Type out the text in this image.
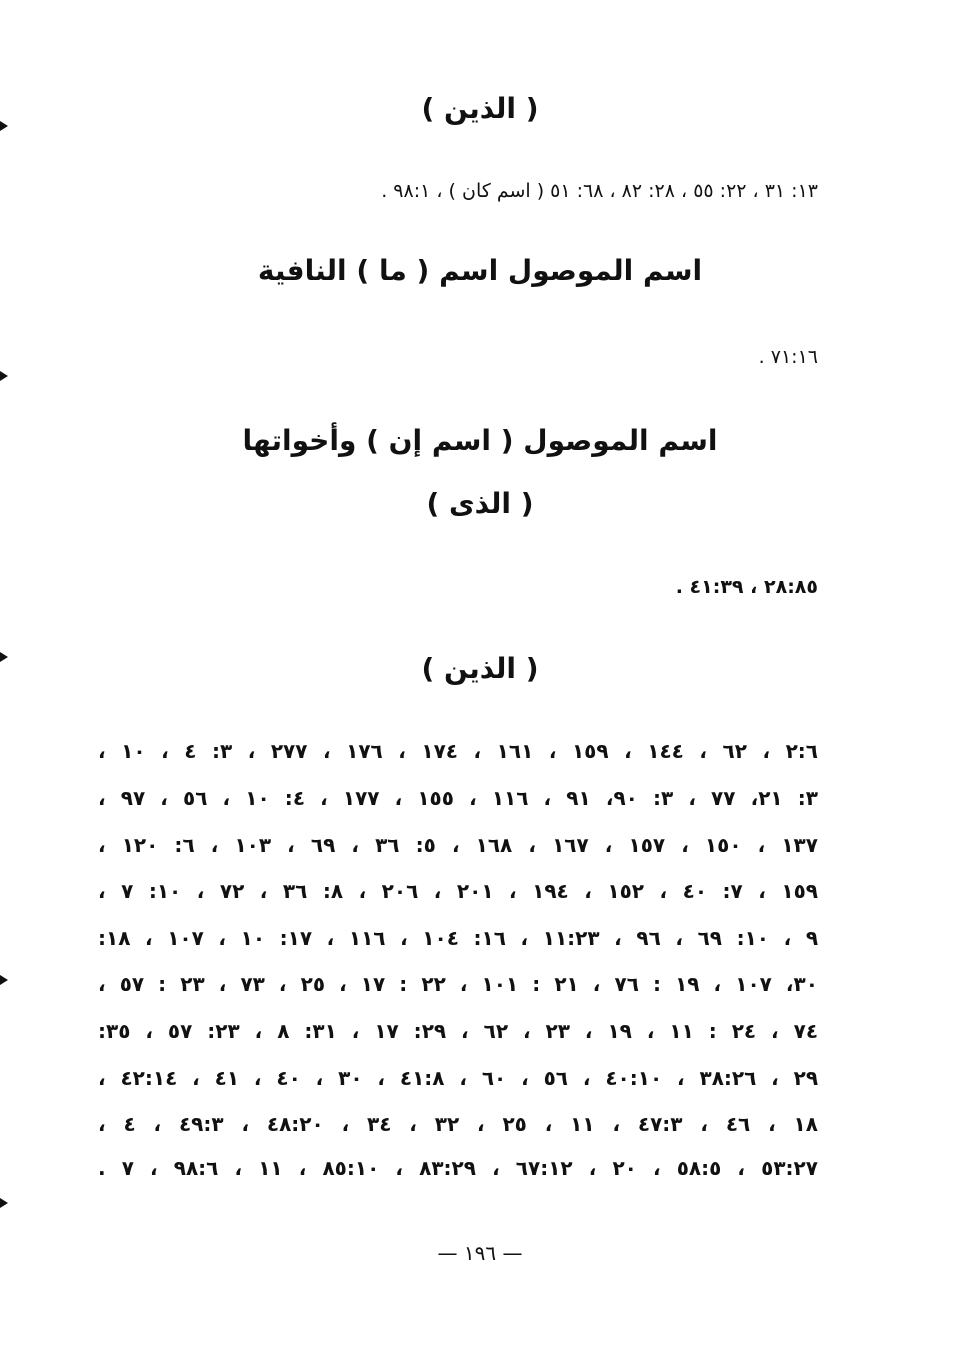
( الذين )
١٣: ٣١ ، ٢٢: ٥٥ ، ٢٨: ٨٢ ، ٦٨: ٥١ ( اسم كان ) ، ٩٨:١ .
اسم الموصول اسم ( ما ) النافية
٧١:١٦ .
اسم الموصول ( اسم إن ) وأخواتها
( الذى )
٢٨:٨٥ ، ٤١:٣٩ .
( الذين )
٢:٦ ، ٦٢ ، ١٤٤ ، ١٥٩ ، ١٦١ ، ١٧٤ ، ١٧٦ ، ٢٧٧ ، ٣: ٤ ، ١٠ ،
٣: ٢١، ٧٧ ، ٣: ٩٠، ٩١ ، ١١٦ ، ١٥٥ ، ١٧٧ ، ٤: ١٠ ، ٥٦ ، ٩٧ ،
١٣٧ ، ١٥٠ ، ١٥٧ ، ١٦٧ ، ١٦٨ ، ٥: ٣٦ ، ٦٩ ، ١٠٣ ، ٦: ١٢٠ ،
١٥٩ ، ٧: ٤٠ ، ١٥٢ ، ١٩٤ ، ٢٠١ ، ٢٠٦ ، ٨: ٣٦ ، ٧٢ ، ١٠: ٧ ،
٩ ، ١٠: ٦٩ ، ٩٦ ، ١١:٢٣ ، ١٦: ١٠٤ ، ١١٦ ، ١٧: ١٠ ، ١٠٧ ، ١٨:
٣٠، ١٠٧ ، ١٩ : ٧٦ ، ٢١ : ١٠١ ، ٢٢ : ١٧ ، ٢٥ ، ٧٣ ، ٢٣ : ٥٧ ،
٧٤ ، ٢٤ : ١١ ، ١٩ ، ٢٣ ، ٦٢ ، ٢٩: ١٧ ، ٣١: ٨ ، ٢٣: ٥٧ ، ٣٥:
٢٩ ، ٣٨:٢٦ ، ٤٠:١٠ ، ٥٦ ، ٦٠ ، ٤١:٨ ، ٣٠ ، ٤٠ ، ٤١ ، ٤٢:١٤ ،
١٨ ، ٤٦ ، ٤٧:٣ ، ١١ ، ٢٥ ، ٣٢ ، ٣٤ ، ٤٨:٢٠ ، ٤٩:٣ ، ٤ ،
٥٣:٢٧ ، ٥٨:٥ ، ٢٠ ، ٦٧:١٢ ، ٨٣:٢٩ ، ٨٥:١٠ ، ١١ ، ٩٨:٦ ، ٧ .
— ١٩٦ —
